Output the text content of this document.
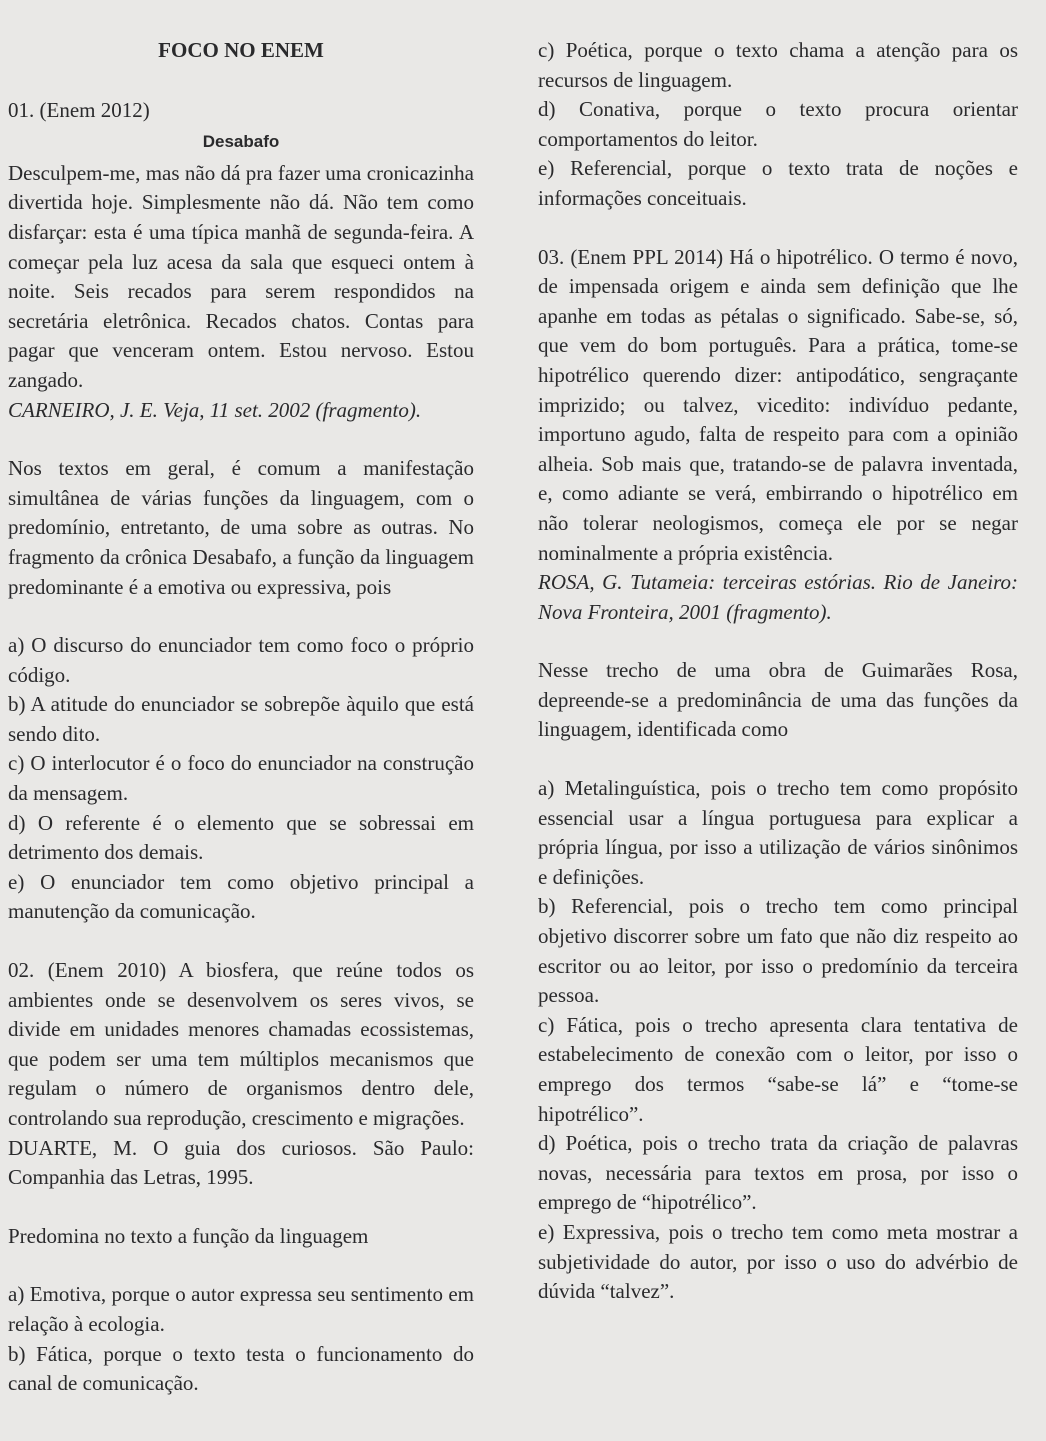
FOCO NO ENEM

01. (Enem 2012)

Desabafo

Desculpem-me, mas não dá pra fazer uma cronicazinha divertida hoje. Simplesmente não dá. Não tem como disfarçar: esta é uma típica manhã de segunda-feira. A começar pela luz acesa da sala que esqueci ontem à noite. Seis recados para serem respondidos na secretária eletrônica. Recados chatos. Contas para pagar que venceram ontem. Estou nervoso. Estou zangado.

CARNEIRO, J. E. Veja, 11 set. 2002 (fragmento).

Nos textos em geral, é comum a manifestação simultânea de várias funções da linguagem, com o predomínio, entretanto, de uma sobre as outras. No fragmento da crônica Desabafo, a função da linguagem predominante é a emotiva ou expressiva, pois

a) O discurso do enunciador tem como foco o próprio código.

b) A atitude do enunciador se sobrepõe àquilo que está sendo dito.

c) O interlocutor é o foco do enunciador na construção da mensagem.

d) O referente é o elemento que se sobressai em detrimento dos demais.

e) O enunciador tem como objetivo principal a manutenção da comunicação.

02. (Enem 2010) A biosfera, que reúne todos os ambientes onde se desenvolvem os seres vivos, se divide em unidades menores chamadas ecossistemas, que podem ser uma tem múltiplos mecanismos que regulam o número de organismos dentro dele, controlando sua reprodução, crescimento e migrações.

DUARTE, M. O guia dos curiosos. São Paulo: Companhia das Letras, 1995.

Predomina no texto a função da linguagem

a) Emotiva, porque o autor expressa seu sentimento em relação à ecologia.

b) Fática, porque o texto testa o funcionamento do canal de comunicação.

c) Poética, porque o texto chama a atenção para os recursos de linguagem.

d) Conativa, porque o texto procura orientar comportamentos do leitor.

e) Referencial, porque o texto trata de noções e informações conceituais.

03. (Enem PPL 2014) Há o hipotrélico. O termo é novo, de impensada origem e ainda sem definição que lhe apanhe em todas as pétalas o significado. Sabe-se, só, que vem do bom português. Para a prática, tome-se hipotrélico querendo dizer: antipodático, sengraçante imprizido; ou talvez, vicedito: indivíduo pedante, importuno agudo, falta de respeito para com a opinião alheia. Sob mais que, tratando-se de palavra inventada, e, como adiante se verá, embirrando o hipotrélico em não tolerar neologismos, começa ele por se negar nominalmente a própria existência.

ROSA, G. Tutameia: terceiras estórias. Rio de Janeiro: Nova Fronteira, 2001 (fragmento).

Nesse trecho de uma obra de Guimarães Rosa, depreende-se a predominância de uma das funções da linguagem, identificada como

a) Metalinguística, pois o trecho tem como propósito essencial usar a língua portuguesa para explicar a própria língua, por isso a utilização de vários sinônimos e definições.

b) Referencial, pois o trecho tem como principal objetivo discorrer sobre um fato que não diz respeito ao escritor ou ao leitor, por isso o predomínio da terceira pessoa.

c) Fática, pois o trecho apresenta clara tentativa de estabelecimento de conexão com o leitor, por isso o emprego dos termos “sabe-se lá” e “tome-se hipotrélico”.

d) Poética, pois o trecho trata da criação de palavras novas, necessária para textos em prosa, por isso o emprego de “hipotrélico”.

e) Expressiva, pois o trecho tem como meta mostrar a subjetividade do autor, por isso o uso do advérbio de dúvida “talvez”.
